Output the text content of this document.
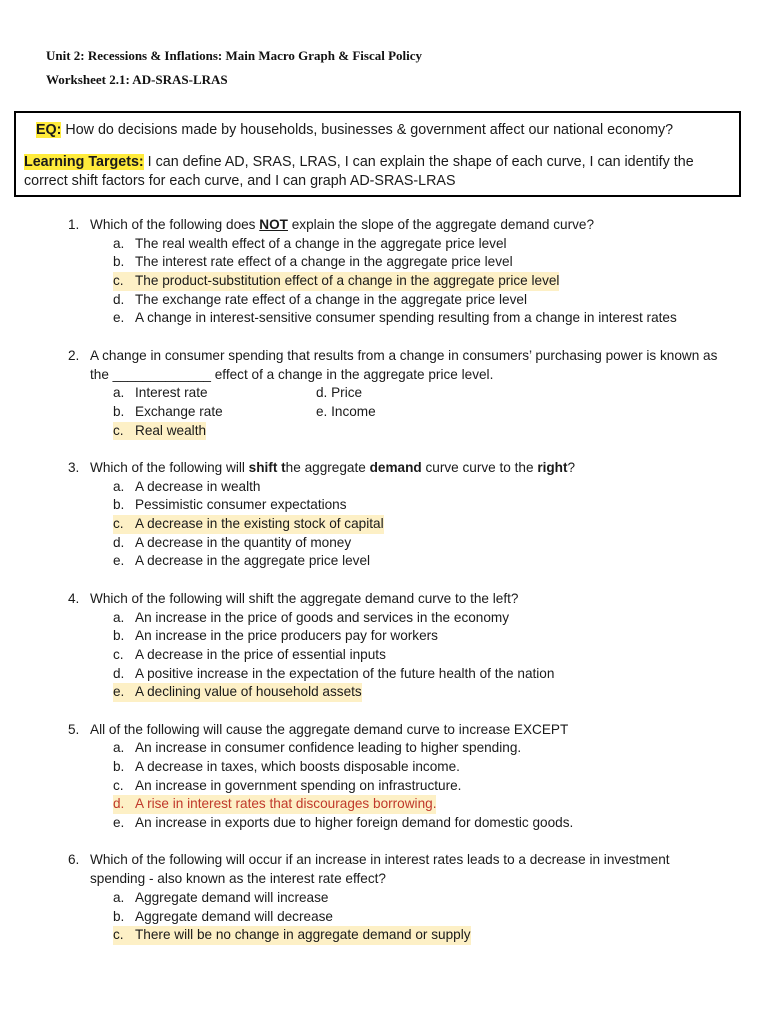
Unit 2: Recessions & Inflations: Main Macro Graph & Fiscal Policy
Worksheet 2.1: AD-SRAS-LRAS
EQ: How do decisions made by households, businesses & government affect our national economy?
Learning Targets: I can define AD, SRAS, LRAS, I can explain the shape of each curve, I can identify the correct shift factors for each curve, and I can graph AD-SRAS-LRAS
1. Which of the following does NOT explain the slope of the aggregate demand curve?
a. The real wealth effect of a change in the aggregate price level
b. The interest rate effect of a change in the aggregate price level
c. The product-substitution effect of a change in the aggregate price level
d. The exchange rate effect of a change in the aggregate price level
e. A change in interest-sensitive consumer spending resulting from a change in interest rates
2. A change in consumer spending that results from a change in consumers’ purchasing power is known as the _____________ effect of a change in the aggregate price level.
a. Interest rate	d. Price
b. Exchange rate	e. Income
c. Real wealth
3. Which of the following will shift the aggregate demand curve curve to the right?
a. A decrease in wealth
b. Pessimistic consumer expectations
c. A decrease in the existing stock of capital
d. A decrease in the quantity of money
e. A decrease in the aggregate price level
4. Which of the following will shift the aggregate demand curve to the left?
a. An increase in the price of goods and services in the economy
b. An increase in the price producers pay for workers
c. A decrease in the price of essential inputs
d. A positive increase in the expectation of the future health of the nation
e. A declining value of household assets
5. All of the following will cause the aggregate demand curve to increase EXCEPT
a. An increase in consumer confidence leading to higher spending.
b. A decrease in taxes, which boosts disposable income.
c. An increase in government spending on infrastructure.
d. A rise in interest rates that discourages borrowing.
e. An increase in exports due to higher foreign demand for domestic goods.
6. Which of the following will occur if an increase in interest rates leads to a decrease in investment spending - also known as the interest rate effect?
a. Aggregate demand will increase
b. Aggregate demand will decrease
c. There will be no change in aggregate demand or supply
